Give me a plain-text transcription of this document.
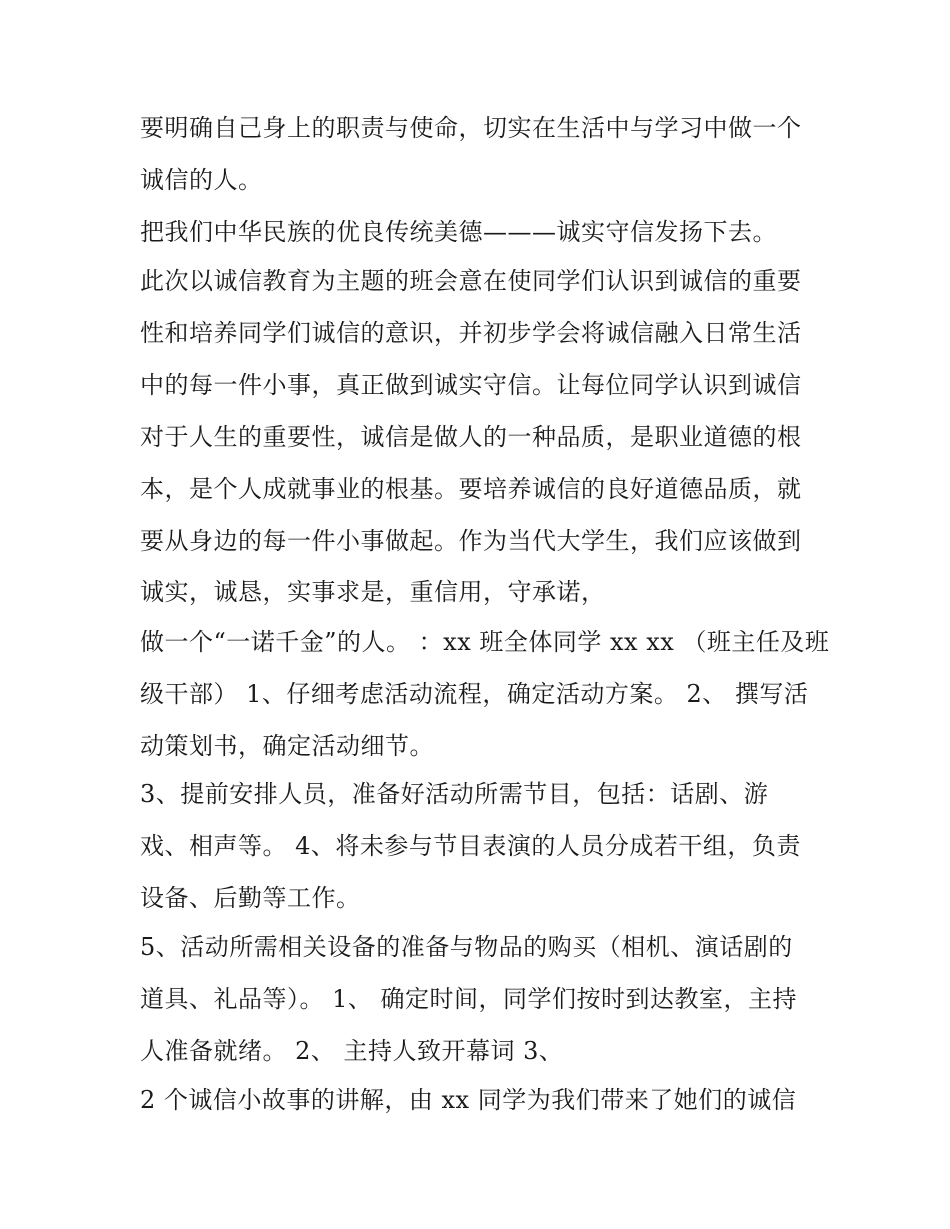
要明确自己身上的职责与使命，切实在生活中与学习中做一个
诚信的人。
把我们中华民族的优良传统美德———诚实守信发扬下去。
此次以诚信教育为主题的班会意在使同学们认识到诚信的重要
性和培养同学们诚信的意识，并初步学会将诚信融入日常生活
中的每一件小事，真正做到诚实守信。让每位同学认识到诚信
对于人生的重要性，诚信是做人的一种品质，是职业道德的根
本，是个人成就事业的根基。要培养诚信的良好道德品质，就
要从身边的每一件小事做起。作为当代大学生，我们应该做到
诚实，诚恳，实事求是，重信用，守承诺，
做一个“一诺千金”的人。 ：xx 班全体同学 xx xx （班主任及班
级干部） 1、仔细考虑活动流程，确定活动方案。 2、 撰写活
动策划书，确定活动细节。
3、提前安排人员，准备好活动所需节目，包括：话剧、游
戏、相声等。 4、将未参与节目表演的人员分成若干组，负责
设备、后勤等工作。
5、活动所需相关设备的准备与物品的购买（相机、演话剧的
道具、礼品等）。 1、 确定时间，同学们按时到达教室，主持
人准备就绪。 2、 主持人致开幕词 3、
2 个诚信小故事的讲解，由 xx 同学为我们带来了她们的诚信
